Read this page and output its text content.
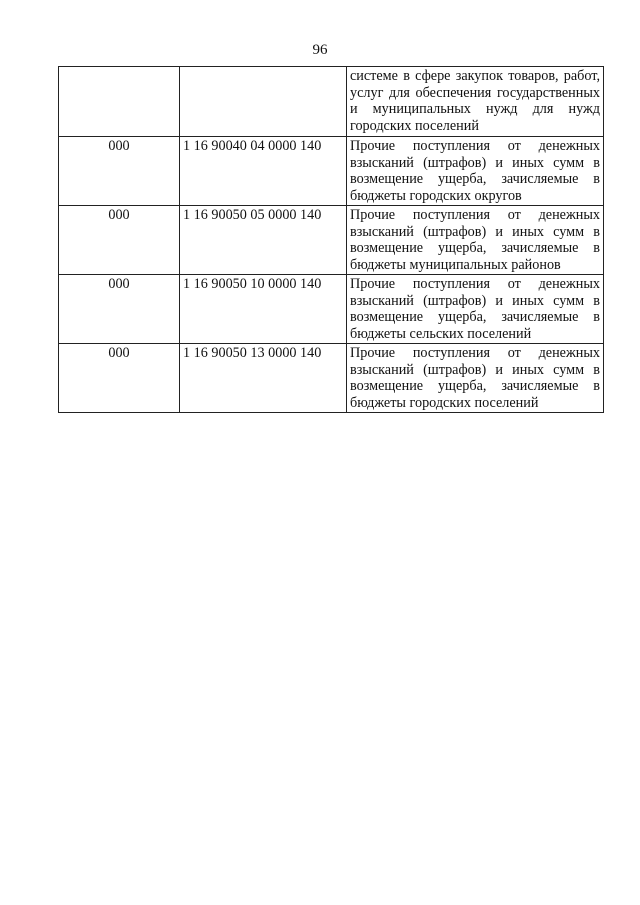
96
		системе в сфере закупок товаров, работ, услуг для обеспечения государственных и муниципальных нужд для нужд городских поселений
000	1 16 90040 04 0000 140	Прочие поступления от денежных взысканий (штрафов) и иных сумм в возмещение ущерба, зачисляемые в бюджеты городских округов
000	1 16 90050 05 0000 140	Прочие поступления от денежных взысканий (штрафов) и иных сумм в возмещение ущерба, зачисляемые в бюджеты муниципальных районов
000	1 16 90050 10 0000 140	Прочие поступления от денежных взысканий (штрафов) и иных сумм в возмещение ущерба, зачисляемые в бюджеты сельских поселений
000	1 16 90050 13 0000 140	Прочие поступления от денежных взысканий (штрафов) и иных сумм в возмещение ущерба, зачисляемые в бюджеты городских поселений
